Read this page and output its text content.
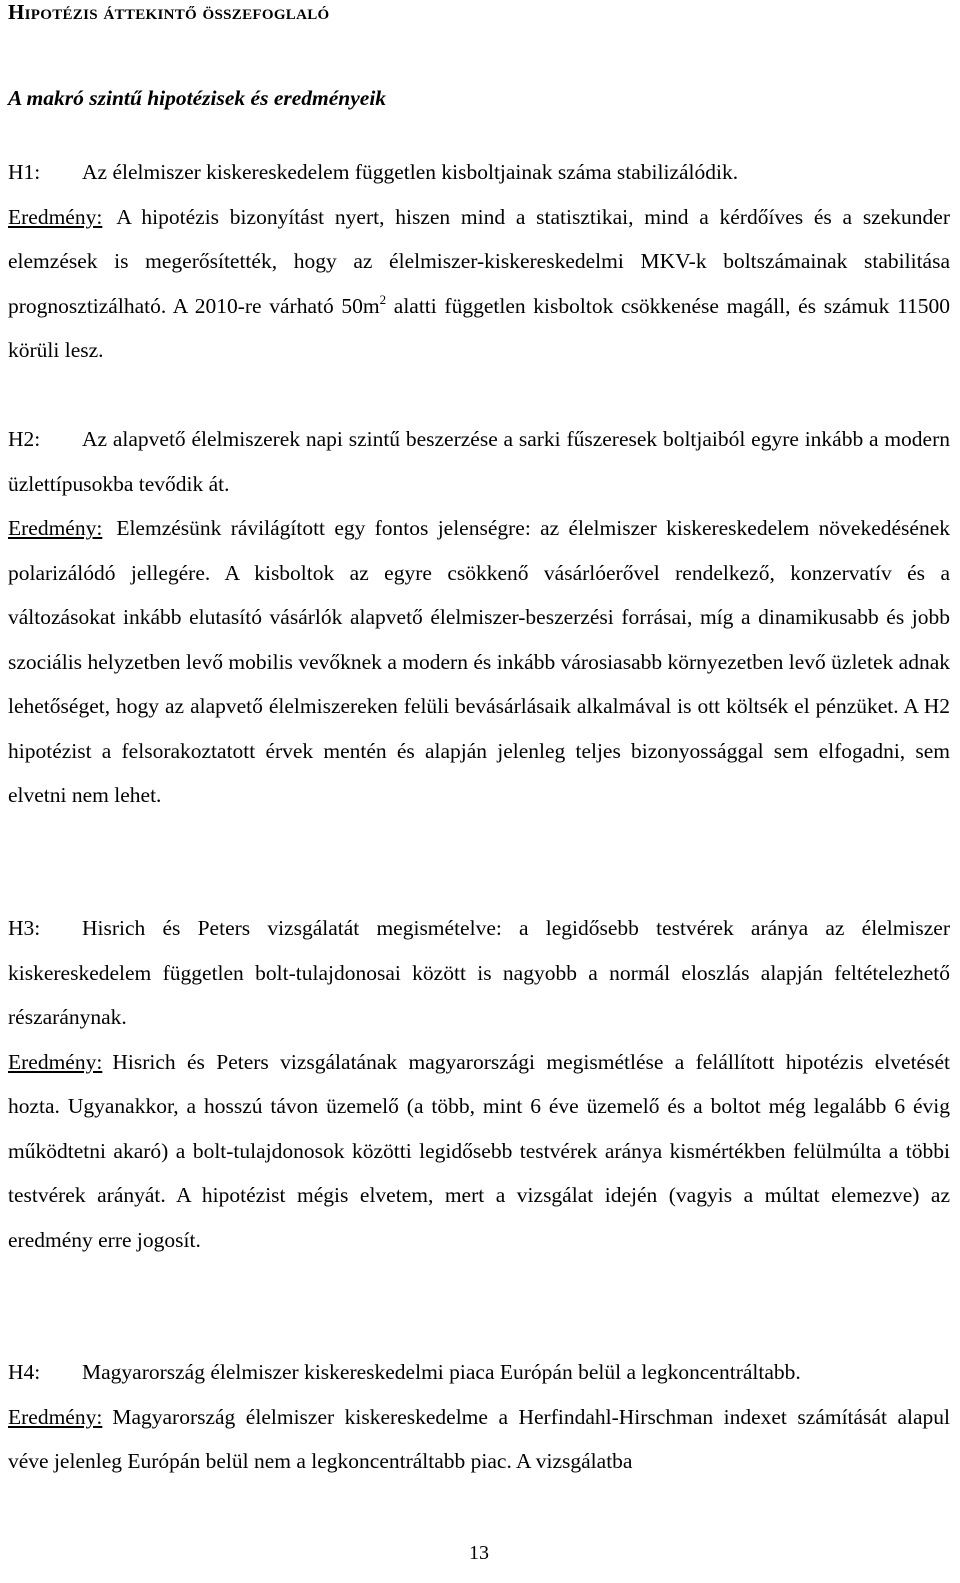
Hipotézis áttekintő összefoglaló
A makró szintű hipotézisek és eredményeik

H1: Az élelmiszer kiskereskedelem független kisboltjainak száma stabilizálódik.

Eredmény: A hipotézis bizonyítást nyert, hiszen mind a statisztikai, mind a kérdőíves és a szekunder elemzések is megerősítették, hogy az élelmiszer-kiskereskedelmi MKV-k boltszámainak stabilitása prognosztizálható. A 2010-re várható $50m^2$ alatti független kisboltok csökkenése magáll, és számuk 11500 körüli lesz.

H2: Az alapvető élelmiszerek napi szintű beszerzése a sarki fűszeresek boltjaiból egyre inkább a modern üzlettípusokba tevődik át.

Eredmény: Elemzésünk rávilágított egy fontos jelenségre: az élelmiszer kiskereskedelem növekedésének polarizálódó jellegére. A kisboltok az egyre csökkenő vásárlóerővel rendelkező, konzervatív és a változásokat inkább elutasító vásárlók alapvető élelmiszer-beszerzési forrásai, míg a dinamikusabb és jobb szociális helyzetben levő mobilis vevőknek a modern és inkább városiasabb környezetben levő üzletek adnak lehetőséget, hogy az alapvető élelmiszereken felüli bevásárlásaik alkalmával is ott költsék el pénzüket. A H2 hipotézist a felsorakoztatott érvek mentén és alapján jelenleg teljes bizonyossággal sem elfogadni, sem elvetni nem lehet.

H3: Hisrich és Peters vizsgálatát megismételve: a legidősebb testvérek aránya az élelmiszer kiskereskedelem független bolt-tulajdonosai között is nagyobb a normál eloszlás alapján feltételezhető részaránynak.

Eredmény: Hisrich és Peters vizsgálatának magyarországi megismétlése a felállított hipotézis elvetését hozta. Ugyanakkor, a hosszú távon üzemelő (a több, mint 6 éve üzemelő és a boltot még legalább 6 évig működtetni akaró) a bolt-tulajdonosok közötti legidősebb testvérek aránya kismértékben felülmúlta a többi testvérek arányát. A hipotézist mégis elvetem, mert a vizsgálat idején (vagyis a múltat elemezve) az eredmény erre jogosít.

H4: Magyarország élelmiszer kiskereskedelmi piaca Európán belül a legkoncentráltabb.

Eredmény: Magyarország élelmiszer kiskereskedelme a Herfindahl-Hirschman indexet számítását alapul véve jelenleg Európán belül nem a legkoncentráltabb piac. A vizsgálatba

13
